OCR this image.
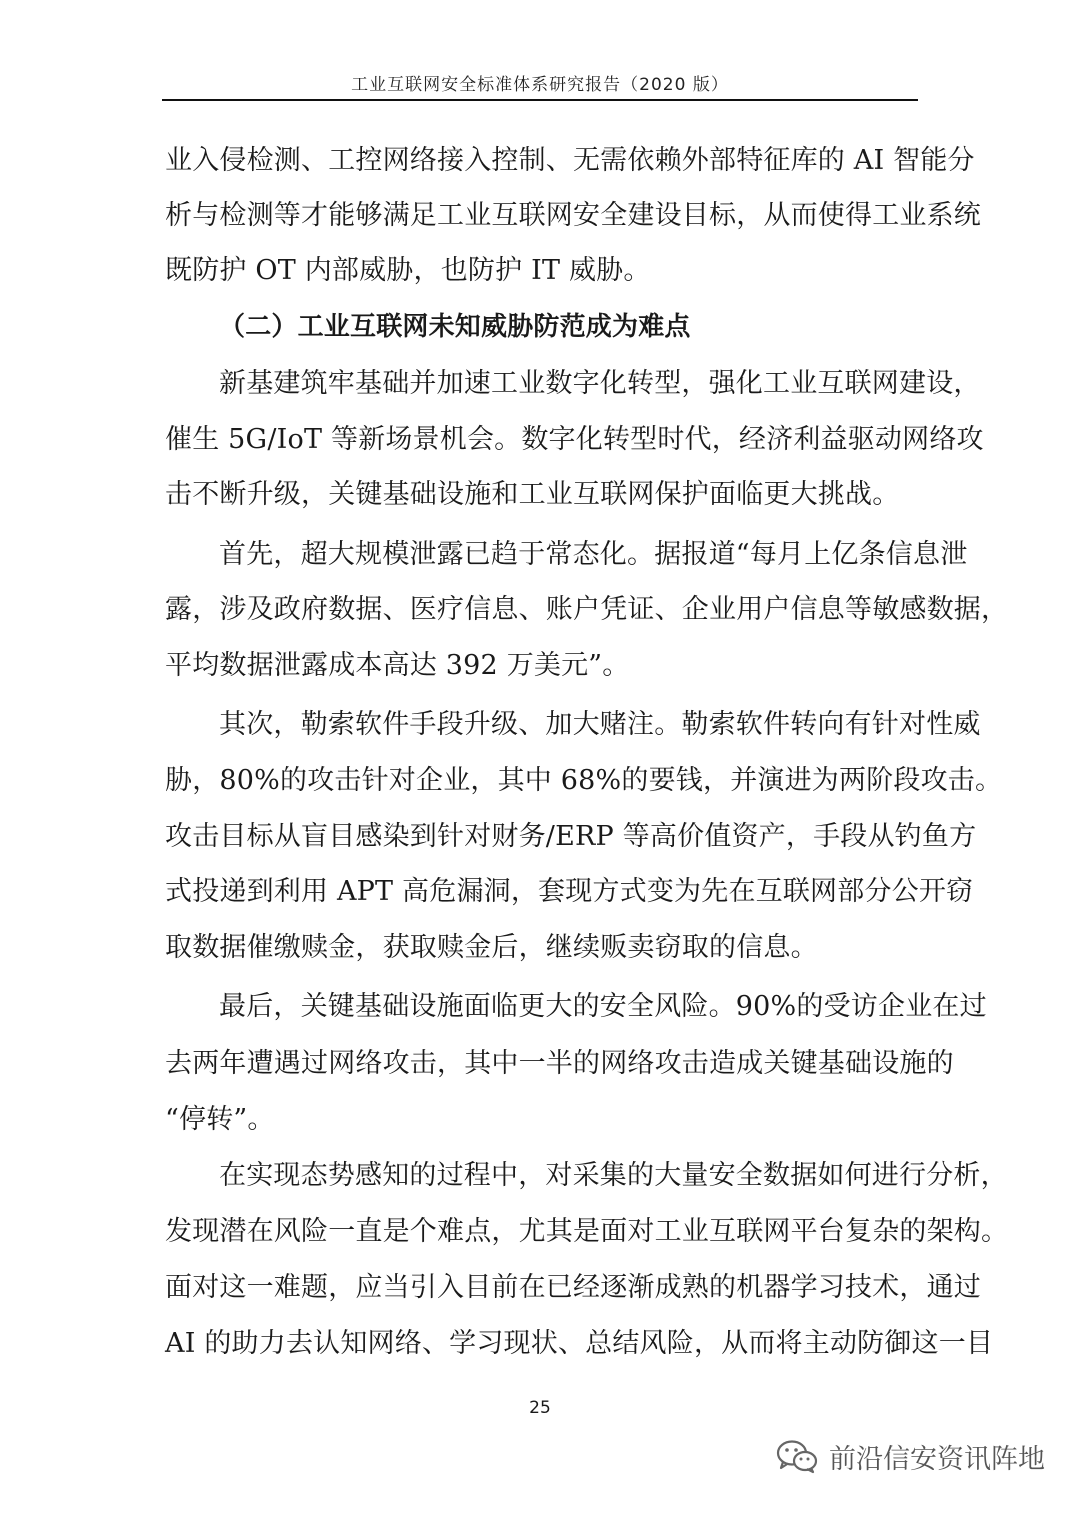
工业互联网安全标准体系研究报告（2020 版）
业入侵检测、工控网络接入控制、无需依赖外部特征库的 AI 智能分
析与检测等才能够满足工业互联网安全建设目标，从而使得工业系统
既防护 OT 内部威胁，也防护 IT 威胁。
（二）工业互联网未知威胁防范成为难点
新基建筑牢基础并加速工业数字化转型，强化工业互联网建设，
催生 5G/IoT 等新场景机会。数字化转型时代，经济利益驱动网络攻
击不断升级，关键基础设施和工业互联网保护面临更大挑战。
首先，超大规模泄露已趋于常态化。据报道“每月上亿条信息泄
露，涉及政府数据、医疗信息、账户凭证、企业用户信息等敏感数据，
平均数据泄露成本高达 392 万美元”。
其次，勒索软件手段升级、加大赌注。勒索软件转向有针对性威
胁，80%的攻击针对企业，其中 68%的要钱，并演进为两阶段攻击。
攻击目标从盲目感染到针对财务/ERP 等高价值资产，手段从钓鱼方
式投递到利用 APT 高危漏洞，套现方式变为先在互联网部分公开窃
取数据催缴赎金，获取赎金后，继续贩卖窃取的信息。
最后，关键基础设施面临更大的安全风险。90%的受访企业在过
去两年遭遇过网络攻击，其中一半的网络攻击造成关键基础设施的
“停转”。
在实现态势感知的过程中，对采集的大量安全数据如何进行分析，
发现潜在风险一直是个难点，尤其是面对工业互联网平台复杂的架构。
面对这一难题，应当引入目前在已经逐渐成熟的机器学习技术，通过
AI 的助力去认知网络、学习现状、总结风险，从而将主动防御这一目
25
前沿信安资讯阵地
